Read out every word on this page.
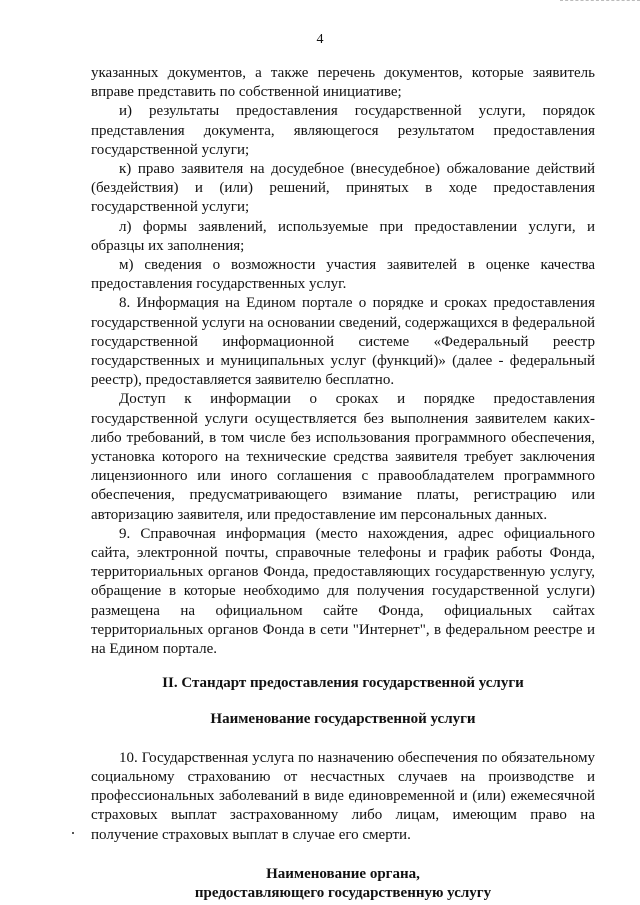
4

указанных документов, а также перечень документов, которые заявитель вправе представить по собственной инициативе;

и) результаты предоставления государственной услуги, порядок представления документа, являющегося результатом предоставления государственной услуги;

к) право заявителя на досудебное (внесудебное) обжалование действий (бездействия) и (или) решений, принятых в ходе предоставления государственной услуги;

л) формы заявлений, используемые при предоставлении услуги, и образцы их заполнения;

м) сведения о возможности участия заявителей в оценке качества предоставления государственных услуг.

8. Информация на Едином портале о порядке и сроках предоставления государственной услуги на основании сведений, содержащихся в федеральной государственной информационной системе «Федеральный реестр государственных и муниципальных услуг (функций)» (далее - федеральный реестр), предоставляется заявителю бесплатно.

Доступ к информации о сроках и порядке предоставления государственной услуги осуществляется без выполнения заявителем каких-либо требований, в том числе без использования программного обеспечения, установка которого на технические средства заявителя требует заключения лицензионного или иного соглашения с правообладателем программного обеспечения, предусматривающего взимание платы, регистрацию или авторизацию заявителя, или предоставление им персональных данных.

9. Справочная информация (место нахождения, адрес официального сайта, электронной почты, справочные телефоны и график работы Фонда, территориальных органов Фонда, предоставляющих государственную услугу, обращение в которые необходимо для получения государственной услуги) размещена на официальном сайте Фонда, официальных сайтах территориальных органов Фонда в сети "Интернет", в федеральном реестре и на Едином портале.

II. Стандарт предоставления государственной услуги
Наименование государственной услуги

10. Государственная услуга по назначению обеспечения по обязательному социальному страхованию от несчастных случаев на производстве и профессиональных заболеваний в виде единовременной и (или) ежемесячной страховых выплат застрахованному либо лицам, имеющим право на получение страховых выплат в случае его смерти.

Наименование органа,
предоставляющего государственную услугу
